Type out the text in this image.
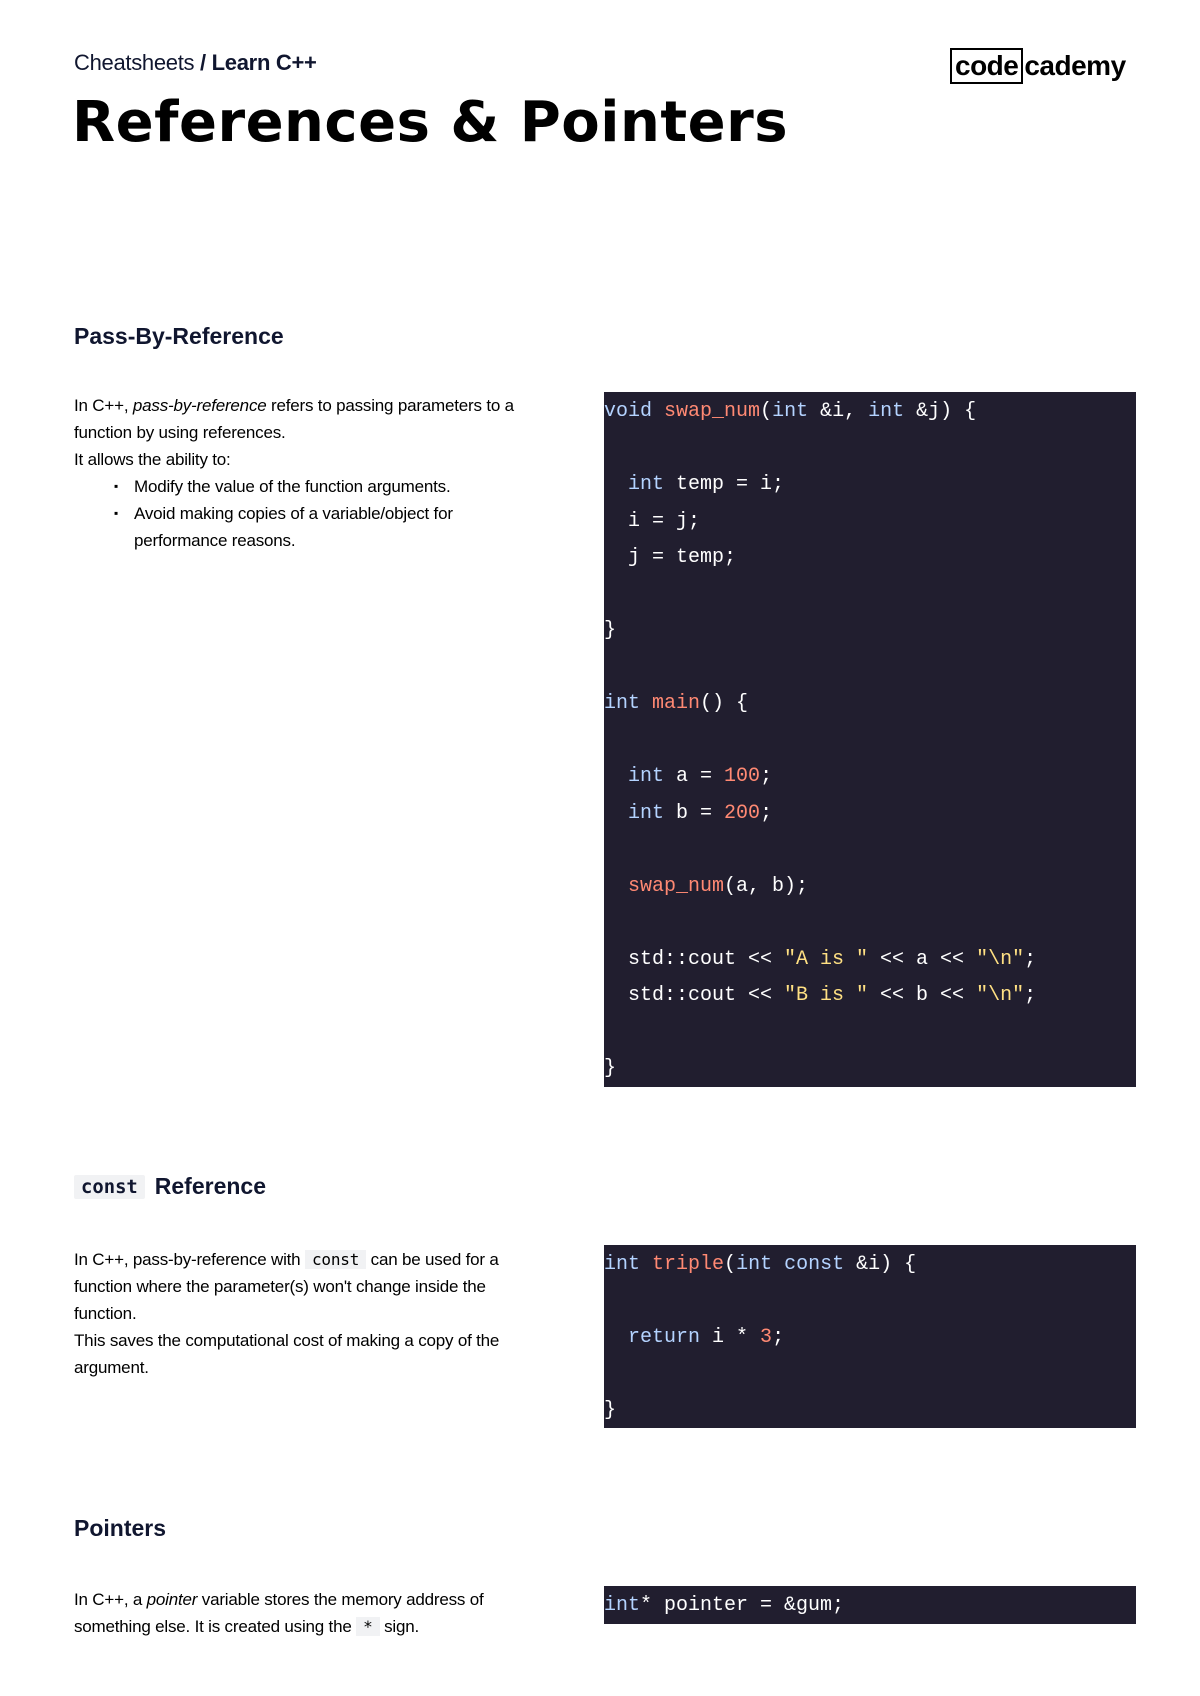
Cheatsheets / Learn C++
References & Pointers
code cademy
Pass-By-Reference

In C++, pass-by-reference refers to passing parameters to a function by using references.

It allows the ability to:

▪ Modify the value of the function arguments.
▪ Avoid making copies of a variable/object for performance reasons.
void swap_num(int &i, int &j) {
int temp = i;
i = j;
j = temp;
}
int main() {
int a = 100;
int b = 200;
swap_num(a, b);
std::cout << "A is " << a << "\n";
std::cout << "B is " << b << "\n";
}
const Reference

In C++, pass-by-reference with const can be used for a function where the parameter(s) won't change inside the function.

This saves the computational cost of making a copy of the argument.

int triple(int const &i) {
return i * 3;
}
Pointers

In C++, a pointer variable stores the memory address of something else. It is created using the * sign.

int* pointer = &gum;
